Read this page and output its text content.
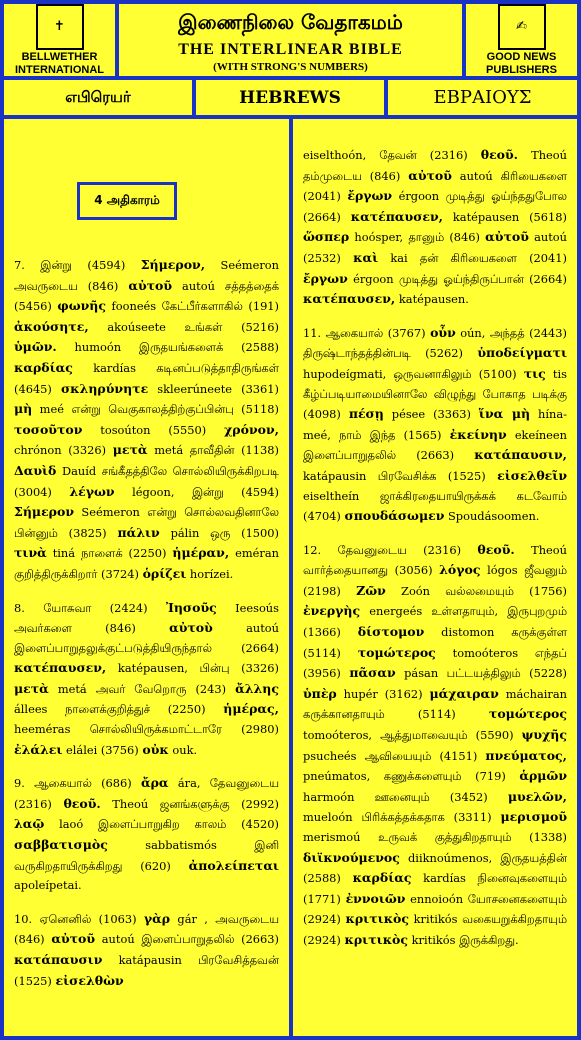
✝
BELLWETHER
INTERNATIONAL
இணைநிலை வேதாகமம்
THE INTERLINEAR BIBLE
(WITH STRONG'S NUMBERS)
✍
GOOD NEWS
PUBLISHERS
எபிரெயர்	HEBREWS	ΕΒΡΑΙΟΥΣ

7. இன்று (4594) Σήμερον, Seémeron அவருடைய (846) αὐτοῦ autoú சத்தத்தைக் (5456) φωνῆς fooneés கேட்பீர்களாகில் (191) ἀκούσητε, akoúseete உங்கள் (5216) ὑμῶν. humoón இருதயங்களைக் (2588) καρδίας kardías கடினப்படுத்தாதிருங்கள் (4645) σκληρύνητε skleerúneete (3361) μὴ meé என்று வெகுகாலத்திற்குப்பின்பு (5118) τοσοῦτον tosoúton (5550) χρόνον, chrónon (3326) μετὰ metá தாவீதின் (1138) Δαυὶδ Dauíd சங்கீதத்திலே சொல்லியிருக்கிறபடி (3004) λέγων légoon, இன்று (4594) Σήμερον Seémeron என்று சொல்லவதினாலே பின்னும் (3825) πάλιν pálin ஒரு (1500) τινὰ tiná நாளைக் (2250) ἡμέραν, eméran குறித்திருக்கிறார் (3724) ὁρίζει horízei.

8. யோசுவா (2424) Ἰησοῦς Ieesoús அவர்களை (846) αὐτοὺ autoú இளைப்பாறுதலுக்குட்படுத்தியிருந்தால் (2664) κατέπαυσεν, katépausen, பின்பு (3326) μετὰ metá அவர் வேறொரு (243) ἄλλης állees நாளைக்குறித்துச் (2250) ἡμέρας, heeméras சொல்லியிருக்கமாட்டாரே (2980) ἐλάλει elálei (3756) οὐκ ouk.

9. ஆகையால் (686) ἄρα ára, தேவனுடைய (2316) θεοῦ. Theoú ஜனங்களுக்கு (2992) λαῷ laoó இளைப்பாறுகிற காலம் (4520) σαββατισμὸς sabbatismós இனி வருகிறதாயிருக்கிறது (620) ἀπολείπεται apoleípetai.

10. ஏனெனில் (1063) γὰρ gár , அவருடைய (846) αὐτοῦ autoú இளைப்பாறுதலில் (2663) κατάπαυσιν katápausin பிரவேசித்தவன் (1525) εἰσελθὼν

4 அதிகாரம்

eiselthoón, தேவன் (2316) θεοῦ. Theoú தம்முடைய (846) αὐτοῦ autoú கிரியைகளை (2041) ἔργων érgoon முடித்து ஓய்ந்ததுபோல (2664) κατέπαυσεν, katépausen (5618) ὥσπερ hoósper, தானும் (846) αὐτοῦ autoú (2532) καὶ kai தன் கிரியைகளை (2041) ἔργων érgoon முடித்து ஓய்ந்திருப்பான் (2664) κατέπαυσεν, katépausen.

11. ஆகையால் (3767) οὖν oún, அந்தத் (2443) திருஷ்டாந்தத்தின்படி (5262) ὑποδείγματι hupodeígmati, ஒருவனாகிலும் (5100) τις tis கீழ்ப்படியாமையினாலே விழுந்து போகாத படிக்கு (4098) πέσῃ pésee (3363) ἵνα μὴ hína-meé, நாம் இந்த (1565) ἐκείνην ekeíneen இளைப்பாறுதலில் (2663) κατάπαυσιν, katápausin பிரவேசிக்க (1525) εἰσελθεῖν eiseltheín ஜாக்கிரதையாயிருக்கக் கடவோம் (4704) σπουδάσωμεν Spoudásoomen.

12. தேவனுடைய (2316) θεοῦ. Theoú வார்த்தையானது (3056) λόγος lógos ஜீவனும் (2198) Ζῶν Zoón வல்லமையும் (1756) ἐνεργὴς energeés உள்ளதாயும், இருபுறமும் (1366) δίστομον distomon கருக்குள்ள (5114) τομώτερος tomoóteros எந்தப் (3956) πᾶσαν pásan பட்டயத்திலும் (5228) ὑπὲρ hupér (3162) μάχαιραν máchairan கருக்கானதாயும் (5114) τομώτερος tomoóteros, ஆத்துமாவையும் (5590) ψυχῆς psucheés ஆவியையும் (4151) πνεύματος, pneúmatos, கணுக்களையும் (719) ἁρμῶν harmoón ஊனையும் (3452) μυελῶν, mueloón பிரிக்கத்தக்கதாக (3311) μερισμοῦ merismoú உருவக் குத்துகிறதாயும் (1338) διϊκνούμενος diiknoúmenos, இருதயத்தின் (2588) καρδίας kardías நினைவுகளையும் (1771) ἐννοιῶν ennoioón யோசனைகளையும் (2924) κριτικὸς kritikós வகையறுக்கிறதாயும் (2924) κριτικὸς kritikós இருக்கிறது.
